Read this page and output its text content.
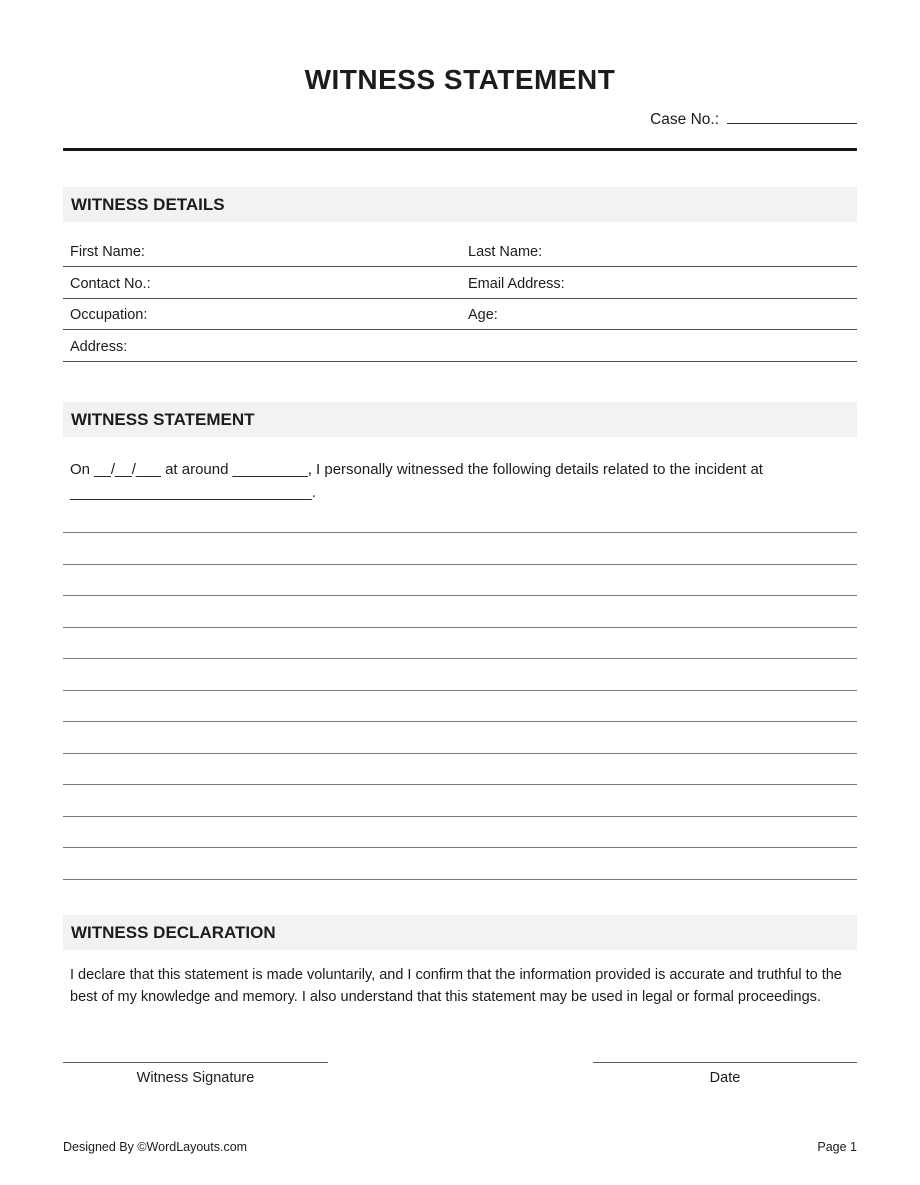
WITNESS STATEMENT
Case No.:
WITNESS DETAILS
First Name:	Last Name:
Contact No.:	Email Address:
Occupation:	Age:
Address:
WITNESS STATEMENT
On __/__/___ at around _________, I personally witnessed the following details related to the incident at
_____________________________.
WITNESS DECLARATION

I declare that this statement is made voluntarily, and I confirm that the information provided is accurate and truthful to the best of my knowledge and memory. I also understand that this statement may be used in legal or formal proceedings.

Witness Signature	Date
Designed By ©WordLayouts.com	Page 1
